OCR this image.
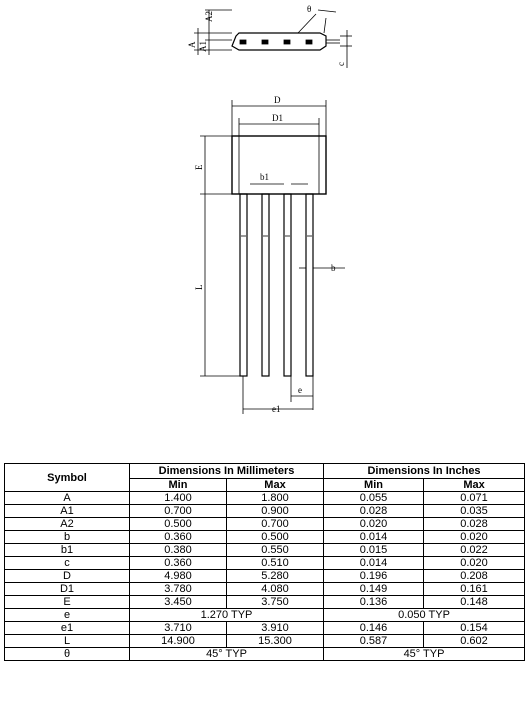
A2
A A1
θ
c
D
D1
E
b1
L
b
e
e1
Symbol	Dimensions In Millimeters		Dimensions In Inches	
	Min	Max	Min	Max
A	1.400	1.800	0.055	0.071
A1	0.700	0.900	0.028	0.035
A2	0.500	0.700	0.020	0.028
b	0.360	0.500	0.014	0.020
b1	0.380	0.550	0.015	0.022
c	0.360	0.510	0.014	0.020
D	4.980	5.280	0.196	0.208
D1	3.780	4.080	0.149	0.161
E	3.450	3.750	0.136	0.148
e	1.270 TYP		0.050 TYP	
e1	3.710	3.910	0.146	0.154
L	14.900	15.300	0.587	0.602
θ	45° TYP		45° TYP	
